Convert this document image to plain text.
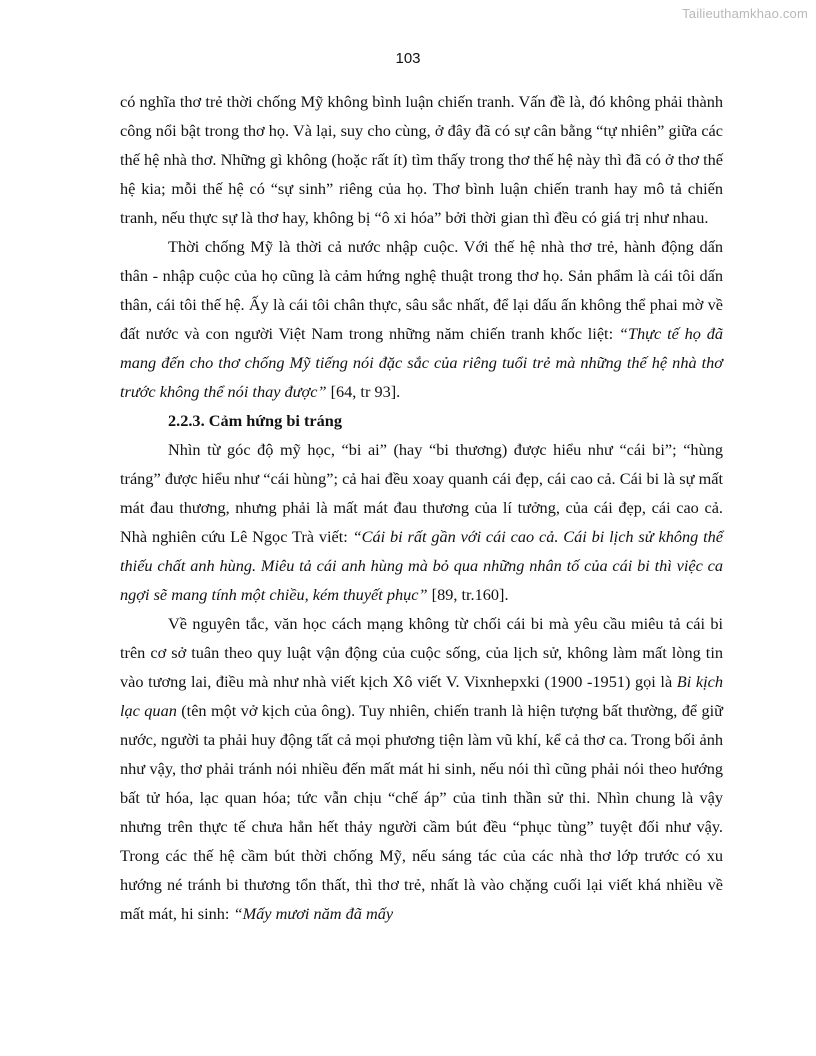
Tailieuthamkhao.com
103

có nghĩa thơ trẻ thời chống Mỹ không bình luận chiến tranh. Vấn đề là, đó không phải thành công nổi bật trong thơ họ. Và lại, suy cho cùng, ở đây đã có sự cân bằng “tự nhiên” giữa các thế hệ nhà thơ. Những gì không (hoặc rất ít) tìm thấy trong thơ thế hệ này thì đã có ở thơ thế hệ kia; mỗi thế hệ có “sự sinh” riêng của họ. Thơ bình luận chiến tranh hay mô tả chiến tranh, nếu thực sự là thơ hay, không bị “ô xi hóa” bởi thời gian thì đều có giá trị như nhau.

Thời chống Mỹ là thời cả nước nhập cuộc. Với thế hệ nhà thơ trẻ, hành động dấn thân - nhập cuộc của họ cũng là cảm hứng nghệ thuật trong thơ họ. Sản phẩm là cái tôi dấn thân, cái tôi thế hệ. Ấy là cái tôi chân thực, sâu sắc nhất, để lại dấu ấn không thể phai mờ về đất nước và con người Việt Nam trong những năm chiến tranh khốc liệt: “Thực tế họ đã mang đến cho thơ chống Mỹ tiếng nói đặc sắc của riêng tuổi trẻ mà những thế hệ nhà thơ trước không thể nói thay được” [64, tr 93].

2.2.3. Cảm hứng bi tráng

Nhìn từ góc độ mỹ học, “bi ai” (hay “bi thương) được hiểu như “cái bi”; “hùng tráng” được hiểu như “cái hùng”; cả hai đều xoay quanh cái đẹp, cái cao cả. Cái bi là sự mất mát đau thương, nhưng phải là mất mát đau thương của lí tưởng, của cái đẹp, cái cao cả. Nhà nghiên cứu Lê Ngọc Trà viết: “Cái bi rất gần với cái cao cả. Cái bi lịch sử không thể thiếu chất anh hùng. Miêu tả cái anh hùng mà bỏ qua những nhân tố của cái bi thì việc ca ngợi sẽ mang tính một chiều, kém thuyết phục” [89, tr.160].

Về nguyên tắc, văn học cách mạng không từ chối cái bi mà yêu cầu miêu tả cái bi trên cơ sở tuân theo quy luật vận động của cuộc sống, của lịch sử, không làm mất lòng tin vào tương lai, điều mà như nhà viết kịch Xô viết V. Vixnhepxki (1900 -1951) gọi là Bi kịch lạc quan (tên một vở kịch của ông). Tuy nhiên, chiến tranh là hiện tượng bất thường, để giữ nước, người ta phải huy động tất cả mọi phương tiện làm vũ khí, kể cả thơ ca. Trong bối ảnh như vậy, thơ phải tránh nói nhiều đến mất mát hi sinh, nếu nói thì cũng phải nói theo hướng bất tử hóa, lạc quan hóa; tức vẫn chịu “chế áp” của tinh thần sử thi. Nhìn chung là vậy nhưng trên thực tế chưa hẳn hết thảy người cầm bút đều “phục tùng” tuyệt đối như vậy. Trong các thế hệ cầm bút thời chống Mỹ, nếu sáng tác của các nhà thơ lớp trước có xu hướng né tránh bi thương tổn thất, thì thơ trẻ, nhất là vào chặng cuối lại viết khá nhiều về mất mát, hi sinh: “Mấy mươi năm đã mấy
